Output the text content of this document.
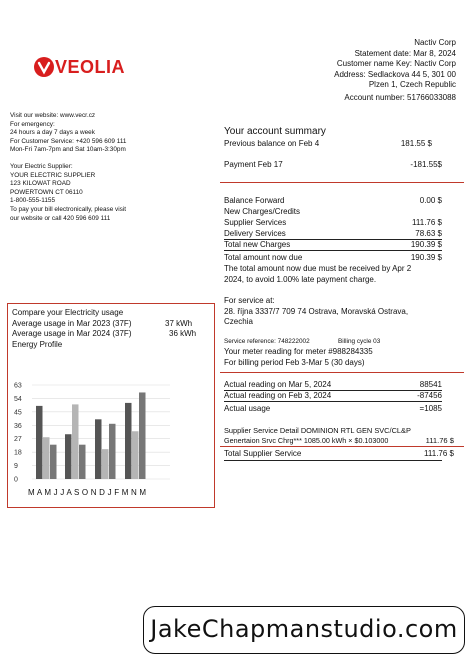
VEOLIA
Nactiv Corp
Statement date: Mar 8, 2024
Customer name Key: Nactiv Corp
Address: Sedlackova 44 5, 301 00
Plzen 1, Czech Republic
Account number: 51766033088
Visit our website: www.vecr.cz
For emergency:
24 hours a day 7 days a week
For Customer Service: +420 596 609 111
Mon-Fri 7am-7pm and Sat 10am-3:30pm
Your Electric Supplier:
YOUR ELECTRIC SUPPLIER
123 KILOWAT ROAD
POWERTOWN CT 06110
1-800-555-1155
To pay your bill electronically, please visit
our website or call 420 596 609 111
Your account summary
Previous balance on Feb 4	181.55 $
Payment Feb 17	-181.55$
Balance Forward	0.00 $
New Charges/Credits
Supplier Services	111.76 $
Delivery Services	78.63 $
Total new Charges	190.39 $
Total amount now due	190.39 $
The total amount now due must be received by Apr 2
2024, to avoid 1.00% late payment charge.
For service at:
28. října 3337/7 709 74 Ostrava, Moravská Ostrava,
Czechia
Service reference: 748222002	Billing cycle 03
Your meter reading for meter #988284335
For billing period Feb 3-Mar 5 (30 days)
Actual reading on Mar 5, 2024	88541
Actual reading on Feb 3, 2024	-87456
Actual usage	=1085
Supplier Service Detail DOMINION RTL GEN SVC/CL&P
Genertaion Srvc Chrg*** 1085.00 kWh × $0.103000	111.76 $
Total Supplier Service	111.76 $
Compare your Electricity usage
Average usage in Mar 2023 (37F)	37 kWh
Average usage in Mar 2024 (37F)	36 kWh
Energy Profile
0
9
18
27
36
45
54
63
M A M J J A S O N D J F M N M
JakeChapmanstudio.com
